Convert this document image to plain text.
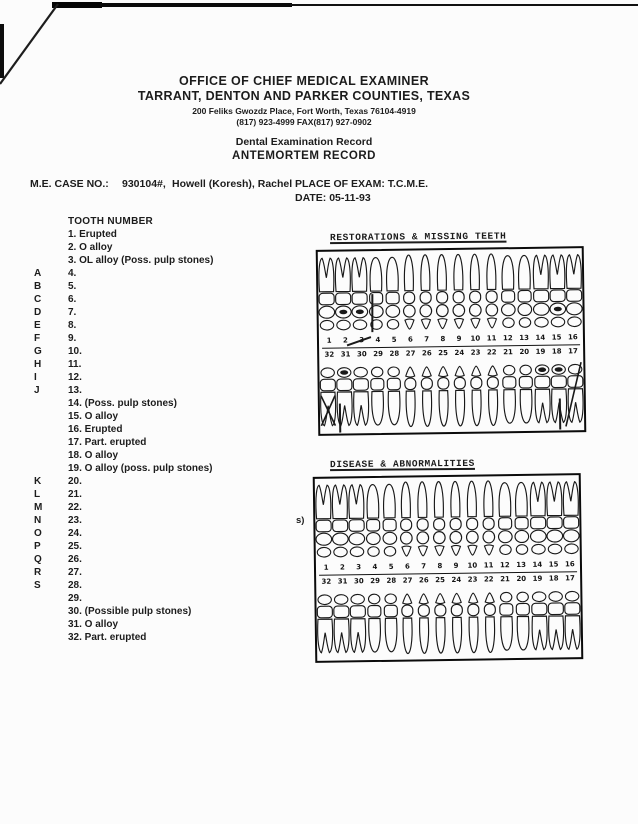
OFFICE OF CHIEF MEDICAL EXAMINER
TARRANT, DENTON AND PARKER COUNTIES, TEXAS
200 Feliks Gwozdz Place, Fort Worth, Texas 76104-4919
(817) 923-4999 FAX(817) 927-0902
Dental Examination Record
ANTEMORTEM RECORD
M.E. CASE NO.: 930104#, Howell (Koresh), Rachel PLACE OF EXAM: T.C.M.E.
DATE: 05-11-93
TOOTH NUMBER
1. Erupted
2. O alloy
3. OL alloy (Poss. pulp stones)
A	4.
B	5.
C	6.
D	7.
E	8.
F	9.
G	10.
H	11.
I	12.
J	13.
14. (Poss. pulp stones)
15. O alloy
16. Erupted
17. Part. erupted
18. O alloy
19. O alloy (poss. pulp stones)
K	20.
L	21.
M	22.
N	23.
O	24.
P	25.
Q	26.
R	27.
S	28.
29.
30. (Possible pulp stones)
31. O alloy
32. Part. erupted
s)
RESTORATIONS & MISSING TEETH
1	2	3	4	5	6	7	8	9	10 11 12 13 14 15 16
32 31 30 29 28 27 26 25 24 23 22 21 20 19 18 17
DISEASE & ABNORMALITIES
1	2	3	4	5	6	7	8	9	10 11 12 13 14 15 16
32 31 30 29 28 27 26 25 24 23 22 21 20 19 18 17
